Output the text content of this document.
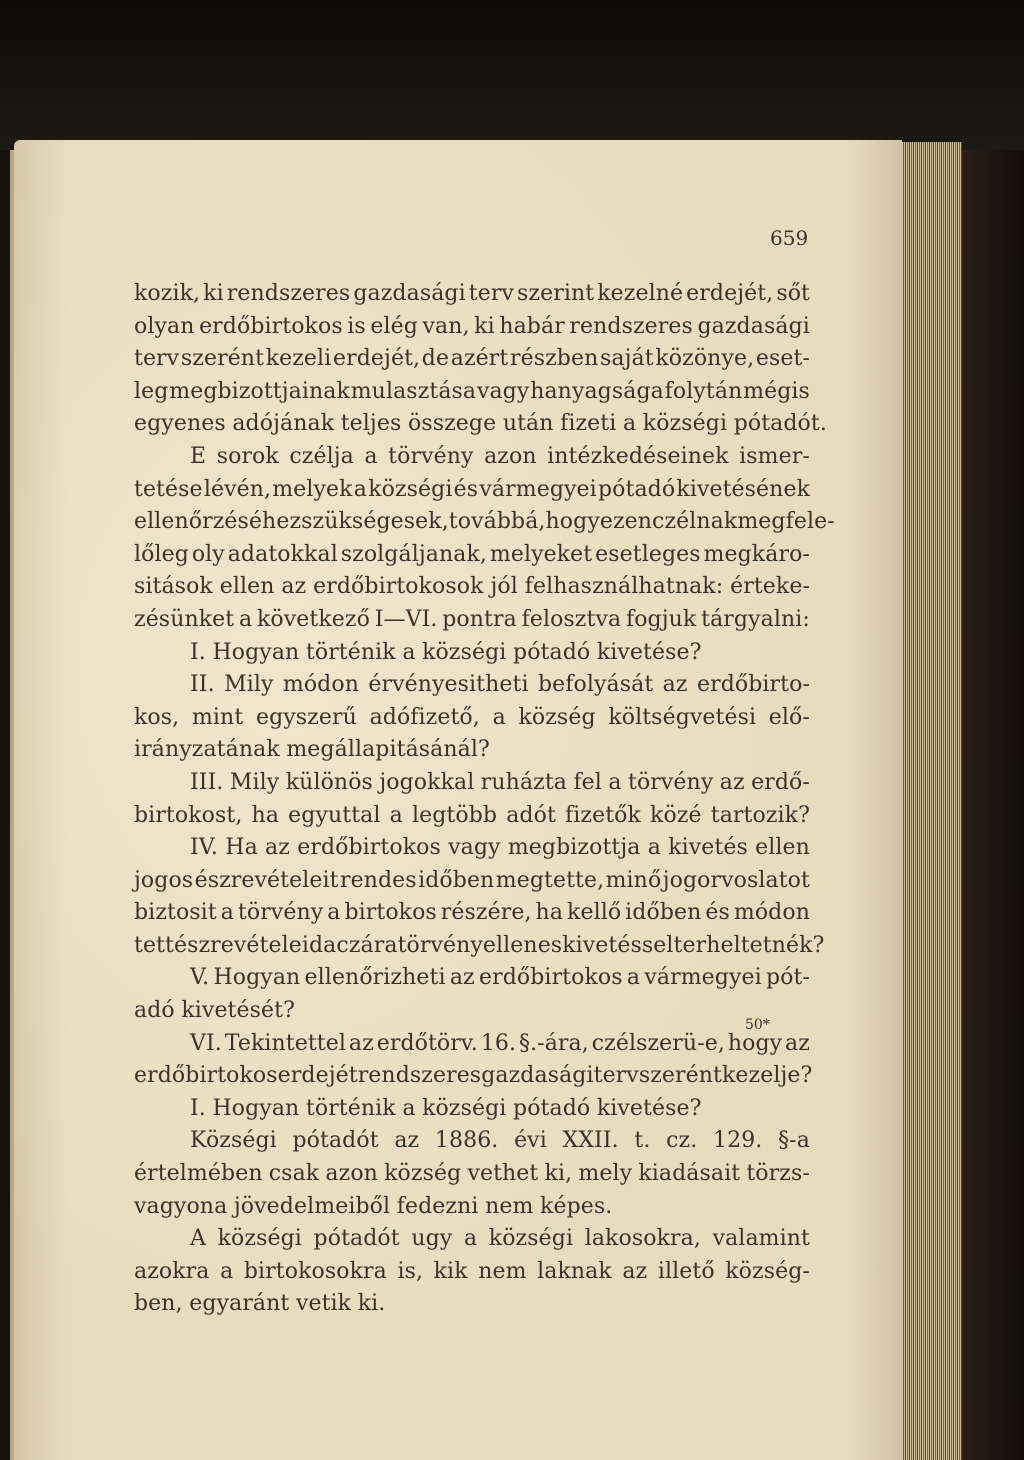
659
kozik, ki rendszeres gazdasági terv szerint kezelné erdejét, sőt
olyan erdőbirtokos is elég van, ki habár rendszeres gazdasági
terv szerént kezeli erdejét, de azért részben saját közönye, eset-
leg megbizottjainak mulasztása vagy hanyagsága folytán mégis
egyenes adójának teljes összege után fizeti a községi pótadót.
E sorok czélja a törvény azon intézkedéseinek ismer-
tetése lévén, melyek a községi és vármegyei pótadó kivetésének
ellenőrzéséhez szükségesek, továbbá, hogy ezen czélnak megfele-
lőleg oly adatokkal szolgáljanak, melyeket esetleges megkáro-
sitások ellen az erdőbirtokosok jól felhasználhatnak: érteke-
zésünket a következő I—VI. pontra felosztva fogjuk tárgyalni:
I. Hogyan történik a községi pótadó kivetése?
II. Mily módon érvényesitheti befolyását az erdőbirto-
kos, mint egyszerű adófizető, a község költségvetési elő-
irányzatának megállapitásánál?
III. Mily különös jogokkal ruházta fel a törvény az erdő-
birtokost, ha egyuttal a legtöbb adót fizetők közé tartozik?
IV. Ha az erdőbirtokos vagy megbizottja a kivetés ellen
jogos észrevételeit rendes időben megtette, minő jogorvoslatot
biztosit a törvény a birtokos részére, ha kellő időben és módon
tett észrevételei daczára törvényellenes kivetéssel terheltetnék?
V. Hogyan ellenőrizheti az erdőbirtokos a vármegyei pót-
adó kivetését?
VI. Tekintettel az erdőtörv. 16. §.-ára, czélszerü-e, hogy az
erdőbirtokos erdejét rendszeres gazdasági terv szerént kezelje?
I. Hogyan történik a községi pótadó kivetése?
Községi pótadót az 1886. évi XXII. t. cz. 129. §-a
értelmében csak azon község vethet ki, mely kiadásait törzs-
vagyona jövedelmeiből fedezni nem képes.
A községi pótadót ugy a községi lakosokra, valamint
azokra a birtokosokra is, kik nem laknak az illető község-
ben, egyaránt vetik ki.
50*
